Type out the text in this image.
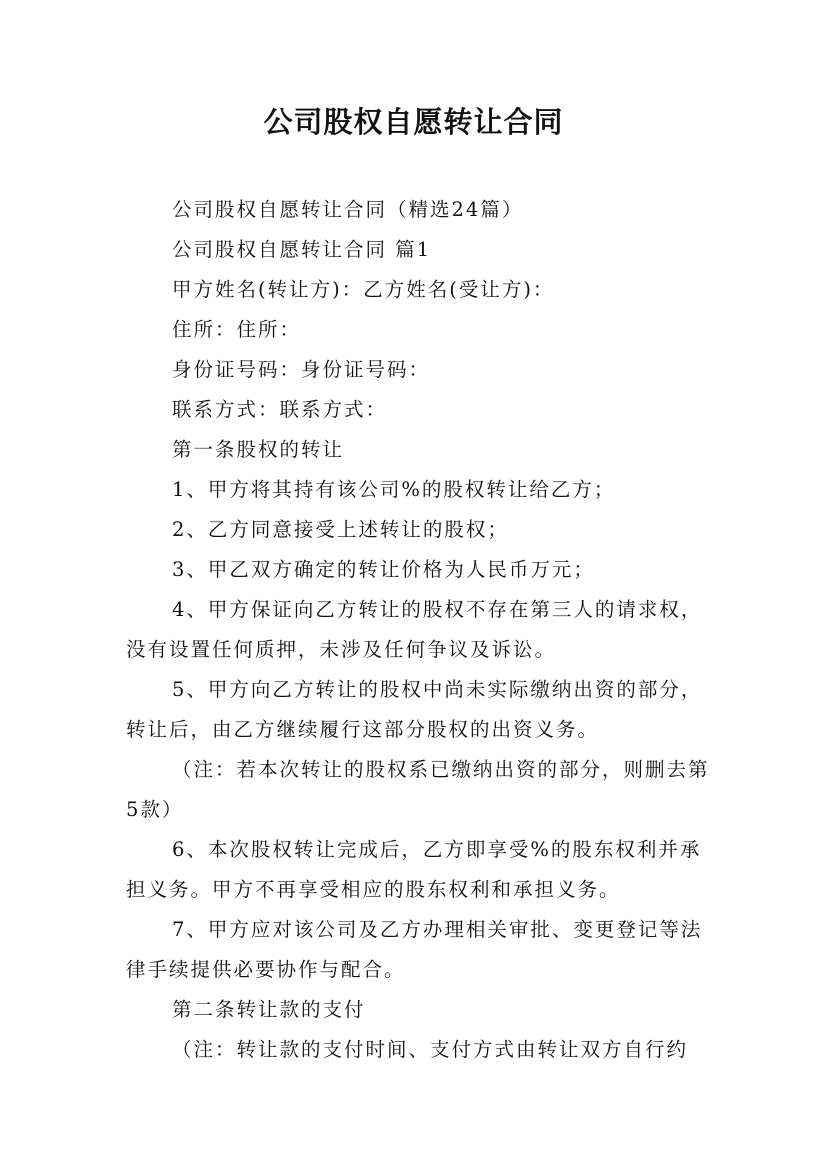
公司股权自愿转让合同

公司股权自愿转让合同（精选24篇）

公司股权自愿转让合同 篇1

甲方姓名(转让方)：乙方姓名(受让方)：

住所：住所：

身份证号码：身份证号码：

联系方式：联系方式：

第一条股权的转让

1、甲方将其持有该公司%的股权转让给乙方；

2、乙方同意接受上述转让的股权；

3、甲乙双方确定的转让价格为人民币万元；

4、甲方保证向乙方转让的股权不存在第三人的请求权，没有设置任何质押，未涉及任何争议及诉讼。

5、甲方向乙方转让的股权中尚未实际缴纳出资的部分，转让后，由乙方继续履行这部分股权的出资义务。

（注：若本次转让的股权系已缴纳出资的部分，则删去第5款）

6、本次股权转让完成后，乙方即享受%的股东权利并承担义务。甲方不再享受相应的股东权利和承担义务。

7、甲方应对该公司及乙方办理相关审批、变更登记等法律手续提供必要协作与配合。

第二条转让款的支付

（注：转让款的支付时间、支付方式由转让双方自行约
